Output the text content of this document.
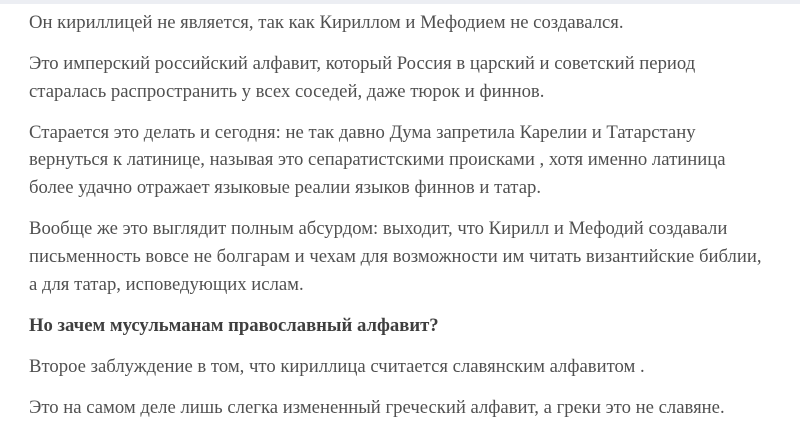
Он кириллицей не является, так как Кириллом и Мефодием не создавался.

Это имперский российский алфавит, который Россия в царский и советский период старалась распространить у всех соседей, даже тюрок и финнов.

Старается это делать и сегодня: не так давно Дума запретила Карелии и Татарстану вернуться к латинице, называя это сепаратистскими происками , хотя именно латиница более удачно отражает языковые реалии языков финнов и татар.

Вообще же это выглядит полным абсурдом: выходит, что Кирилл и Мефодий создавали письменность вовсе не болгарам и чехам для возможности им читать византийские библии, а для татар, исповедующих ислам.

Но зачем мусульманам православный алфавит?

Второе заблуждение в том, что кириллица считается славянским алфавитом .

Это на самом деле лишь слегка измененный греческий алфавит, а греки это не славяне.
